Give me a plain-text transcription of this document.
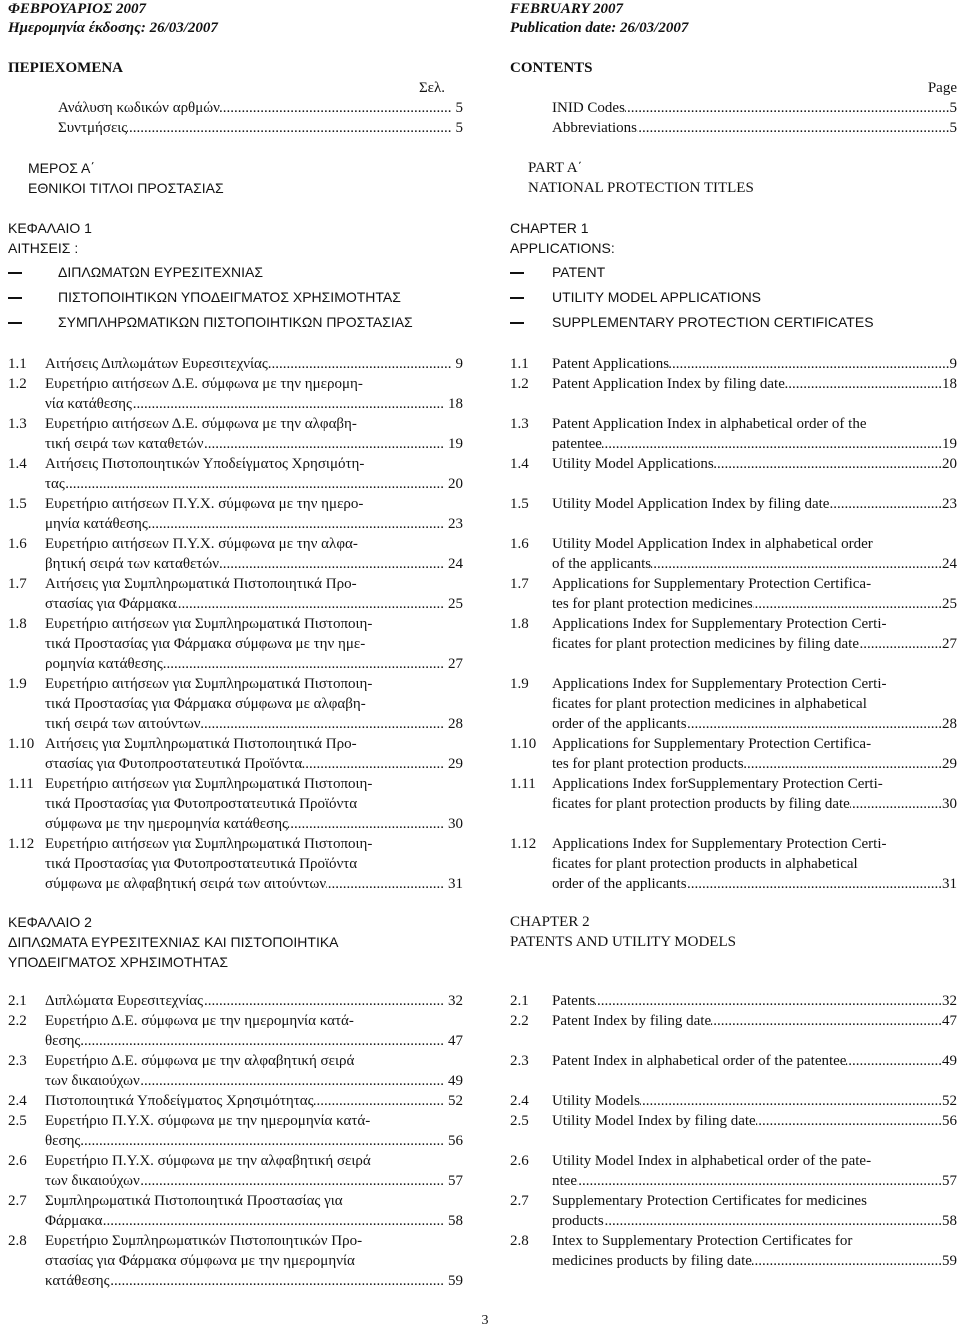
ΦΕΒΡΟΥΑΡΙΟΣ 2007
Ημερομηνία έκδοσης: 26/03/2007
FEBRUARY 2007
Publication date: 26/03/2007
ΠΕΡΙΕΧΟΜΕΝΑ
Σελ.
Ανάλυση κωδικών αρθμών .....	5
Συντμήσεις .....	5
CONTENTS
Page
INID Codes .....	5
Abbreviations .....	5
ΜΕΡΟΣ Α΄
ΕΘΝΙΚΟΙ ΤΙΤΛΟΙ ΠΡΟΣΤΑΣΙΑΣ
PART A΄
NATIONAL PROTECTION TITLES
ΚΕΦΑΛΑΙΟ 1
ΑΙΤΗΣΕΙΣ :
ΔΙΠΛΩΜΑΤΩΝ ΕΥΡΕΣΙΤΕΧΝΙΑΣ
ΠΙΣΤΟΠΟΙΗΤΙΚΩΝ ΥΠΟΔΕΙΓΜΑΤΟΣ ΧΡΗΣΙΜΟΤΗΤΑΣ
ΣΥΜΠΛΗΡΩΜΑΤΙΚΩΝ ΠΙΣΤΟΠΟΙΗΤΙΚΩΝ ΠΡΟΣΤΑΣΙΑΣ
CHAPTER 1
APPLICATIONS:
PATENT
UTILITY MODEL APPLICATIONS
SUPPLEMENTARY PROTECTION CERTIFICATES
1.1	Αιτήσεις Διπλωμάτων Ευρεσιτεχνίας .....	9	1.1	Patent Applications .....	9
1.2	Ευρετήριο αιτήσεων Δ.Ε. σύμφωνα με την ημερομη-
νία κατάθεσης .....	18
1.2	Patent Application Index by filing date .....	18
1.3	Ευρετήριο αιτήσεων Δ.Ε. σύμφωνα με την αλφαβη-
τική σειρά των καταθετών .....	19
1.3	Patent Application Index in alphabetical order of the
patentee .....	19
1.4	Αιτήσεις Πιστοποιητικών Υποδείγματος Χρησιμότη-
τας .....	20
1.4	Utility Model Applications .....	20
1.5	Ευρετήριο αιτήσεων Π.Υ.Χ. σύμφωνα με την ημερο-
μηνία κατάθεσης .....	23
1.5	Utility Model Application Index by filing date .....	23
1.6	Ευρετήριο αιτήσεων Π.Υ.Χ. σύμφωνα με την αλφα-
βητική σειρά των καταθετών .....	24
1.6	Utility Model Application Index in alphabetical order
of the applicants .....	24
1.7	Αιτήσεις για Συμπληρωματικά Πιστοποιητικά Προ-
στασίας για Φάρμακα .....	25
1.7	Applications for Supplementary Protection Certifica-
tes for plant protection medicines .....	25
1.8	Ευρετήριο αιτήσεων για Συμπληρωματικά Πιστοποιη-
τικά Προστασίας για Φάρμακα σύμφωνα με την ημε-
ρομηνία κατάθεσης .....	27
1.8	Applications Index for Supplementary Protection Certi-
ficates for plant protection medicines by filing date .....	27
1.9	Ευρετήριο αιτήσεων για Συμπληρωματικά Πιστοποιη-
τικά Προστασίας για Φάρμακα σύμφωνα με αλφαβη-
τική σειρά των αιτούντων .....	28
1.9	Applications Index for Supplementary Protection Certi-
ficates for plant protection medicines in alphabetical
order of the applicants .....	28
1.10 Αιτήσεις για Συμπληρωματικά Πιστοποιητικά Προ-
στασίας για Φυτοπροστατευτικά Προϊόντα .....	29
1.10	Applications for Supplementary Protection Certifica-
tes for plant protection products .....	29
1.11 Ευρετήριο αιτήσεων για Συμπληρωματικά Πιστοποιη-
τικά Προστασίας για Φυτοπροστατευτικά Προϊόντα
σύμφωνα με την ημερομηνία κατάθεσης .....	30
1.11	Applications Index forSupplementary Protection Certi-
ficates for plant protection products by filing date .....	30
1.12 Ευρετήριο αιτήσεων για Συμπληρωματικά Πιστοποιη-
τικά Προστασίας για Φυτοπροστατευτικά Προϊόντα
σύμφωνα με αλφαβητική σειρά των αιτούντων .....	31
1.12	Applications Index for Supplementary Protection Certi-
ficates for plant protection products in alphabetical
order of the applicants .....	31
ΚΕΦΑΛΑΙΟ 2
ΔΙΠΛΩΜΑΤΑ ΕΥΡΕΣΙΤΕΧΝΙΑΣ ΚΑΙ ΠΙΣΤΟΠΟΙΗΤΙΚΑ
ΥΠΟΔΕΙΓΜΑΤΟΣ ΧΡΗΣΙΜΟΤΗΤΑΣ
CHAPTER 2
PATENTS AND UTILITY MODELS
2.1	Διπλώματα Ευρεσιτεχνίας .....	32	2.1	Patents .....	32
2.2	Ευρετήριο Δ.Ε. σύμφωνα με την ημερομηνία κατά-
θεσης .....	47
2.2	Patent Index by filing date .....	47
2.3	Ευρετήριο Δ.Ε. σύμφωνα με την αλφαβητική σειρά
των δικαιούχων .....	49
2.3	Patent Index in alphabetical order of the patentee .....	49
2.4	Πιστοποιητικά Υποδείγματος Χρησιμότητας .....	52	2.4	Utility Models .....	52
2.5	Ευρετήριο Π.Υ.Χ. σύμφωνα με την ημερομηνία κατά-
θεσης .....	56
2.5	Utility Model Index by filing date .....	56
2.6	Ευρετήριο Π.Υ.Χ. σύμφωνα με την αλφαβητική σειρά
των δικαιούχων .....	57
2.6	Utility Model Index in alphabetical order of the pate-
ntee .....	57
2.7	Συμπληρωματικά Πιστοποιητικά Προστασίας για
Φάρμακα .....	58
2.7	Supplementary Protection Certificates for medicines
products .....	58
2.8	Ευρετήριο Συμπληρωματικών Πιστοποιητικών Προ-
στασίας για Φάρμακα σύμφωνα με την ημερομηνία
κατάθεσης .....	59
2.8	Intex to Supplementary Protection Certificates for
medicines products by filing date .....	59
3
